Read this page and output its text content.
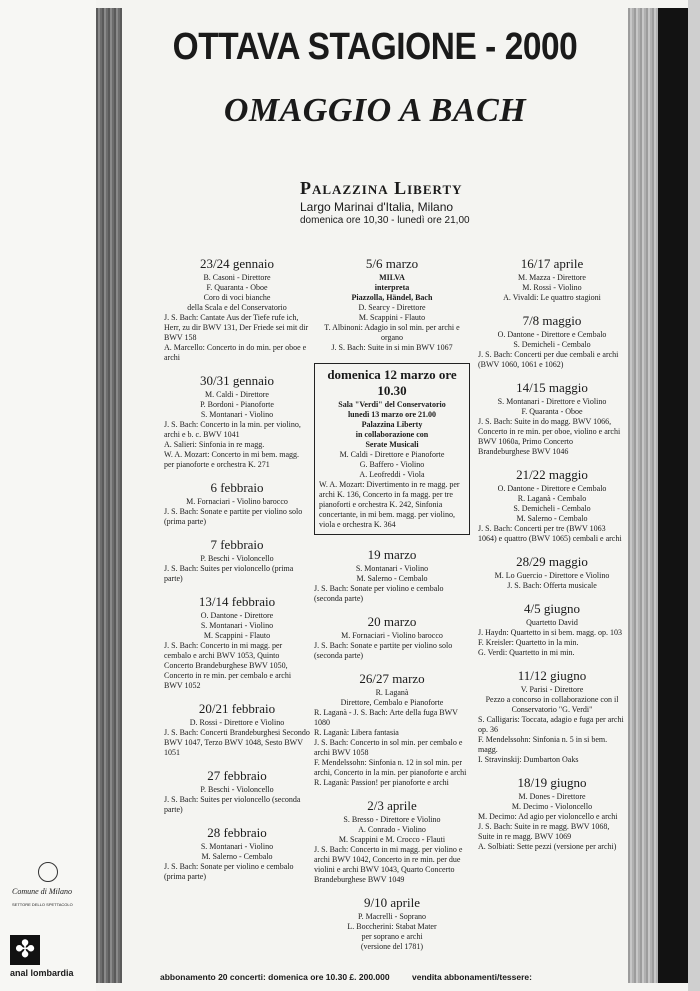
OTTAVA STAGIONE - 2000
OMAGGIO A BACH
Palazzina Liberty
Largo Marinai d'Italia, Milano
domenica ore 10,30 - lunedì ore 21,00
23/24 gennaio
B. Casoni - Direttore
F. Quaranta - Oboe
Coro di voci bianche
della Scala e del Conservatorio
J. S. Bach: Cantate Aus der Tiefe rufe ich, Herr, zu dir BWV 131, Der Friede sei mit dir BWV 158
A. Marcello: Concerto in do min. per oboe e archi
30/31 gennaio
M. Caldi - Direttore
P. Bordoni - Pianoforte
S. Montanari - Violino
J. S. Bach: Concerto in la min. per violino, archi e b. c. BWV 1041
A. Salieri: Sinfonia in re magg.
W. A. Mozart: Concerto in mi bem. magg. per pianoforte e orchestra K. 271
6 febbraio
M. Fornaciari - Violino barocco
J. S. Bach: Sonate e partite per violino solo (prima parte)
7 febbraio
P. Beschi - Violoncello
J. S. Bach: Suites per violoncello (prima parte)
13/14 febbraio
O. Dantone - Direttore
S. Montanari - Violino
M. Scappini - Flauto
J. S. Bach: Concerto in mi magg. per cembalo e archi BWV 1053, Quinto Concerto Brandeburghese BWV 1050, Concerto in re min. per cembalo e archi BWV 1052
20/21 febbraio
D. Rossi - Direttore e Violino
J. S. Bach: Concerti Brandeburghesi Secondo BWV 1047, Terzo BWV 1048, Sesto BWV 1051
27 febbraio
P. Beschi - Violoncello
J. S. Bach: Suites per violoncello (seconda parte)
28 febbraio
S. Montanari - Violino
M. Salerno - Cembalo
J. S. Bach: Sonate per violino e cembalo (prima parte)
5/6 marzo
MILVA
interpreta
Piazzolla, Händel, Bach
D. Searcy - Direttore
M. Scappini - Flauto
T. Albinoni: Adagio in sol min. per archi e organo
J. S. Bach: Suite in si min BWV 1067
domenica 12 marzo ore 10.30
Sala "Verdi" del Conservatorio
lunedì 13 marzo ore 21.00
Palazzina Liberty
in collaborazione con
Serate Musicali
M. Caldi - Direttore e Pianoforte
G. Baffero - Violino
A. Leofreddi - Viola
W. A. Mozart: Divertimento in re magg. per archi K. 136, Concerto in fa magg. per tre pianoforti e orchestra K. 242, Sinfonia concertante, in mi bem. magg. per violino, viola e orchestra K. 364
19 marzo
S. Montanari - Violino
M. Salerno - Cembalo
J. S. Bach: Sonate per violino e cembalo (seconda parte)
20 marzo
M. Fornaciari - Violino barocco
J. S. Bach: Sonate e partite per violino solo (seconda parte)
26/27 marzo
R. Laganà
Direttore, Cembalo e Pianoforte
R. Laganà - J. S. Bach: Arte della fuga BWV 1080
R. Laganà: Libera fantasia
J. S. Bach: Concerto in sol min. per cembalo e archi BWV 1058
F. Mendelssohn: Sinfonia n. 12 in sol min. per archi, Concerto in la min. per pianoforte e archi
R. Laganà: Passion! per pianoforte e archi
2/3 aprile
S. Bresso - Direttore e Violino
A. Conrado - Violino
M. Scappini e M. Crocco - Flauti
J. S. Bach: Concerto in mi magg. per violino e archi BWV 1042, Concerto in re min. per due violini e archi BWV 1043, Quarto Concerto Brandeburghese BWV 1049
9/10 aprile
P. Macrelli - Soprano
L. Boccherini: Stabat Mater
per soprano e archi
(versione del 1781)
16/17 aprile
M. Mazza - Direttore
M. Rossi - Violino
A. Vivaldi: Le quattro stagioni
7/8 maggio
O. Dantone - Direttore e Cembalo
S. Demicheli - Cembalo
J. S. Bach: Concerti per due cembali e archi (BWV 1060, 1061 e 1062)
14/15 maggio
S. Montanari - Direttore e Violino
F. Quaranta - Oboe
J. S. Bach: Suite in do magg. BWV 1066, Concerto in re min. per oboe, violino e archi BWV 1060a, Primo Concerto Brandeburghese BWV 1046
21/22 maggio
O. Dantone - Direttore e Cembalo
R. Laganà - Cembalo
S. Demicheli - Cembalo
M. Salerno - Cembalo
J. S. Bach: Concerti per tre (BWV 1063 1064) e quattro (BWV 1065) cembali e archi
28/29 maggio
M. Lo Guercio - Direttore e Violino
J. S. Bach: Offerta musicale
4/5 giugno
Quartetto David
J. Haydn: Quartetto in si bem. magg. op. 103
F. Kreisler: Quartetto in la min.
G. Verdi: Quartetto in mi min.
11/12 giugno
V. Parisi - Direttore
Pezzo a concorso in collaborazione con il Conservatorio "G. Verdi"
S. Calligaris: Toccata, adagio e fuga per archi op. 36
F. Mendelssohn: Sinfonia n. 5 in si bem. magg.
I. Stravinskij: Dumbarton Oaks
18/19 giugno
M. Dones - Direttore
M. Decimo - Violoncello
M. Decimo: Ad agio per violoncello e archi
J. S. Bach: Suite in re magg. BWV 1068, Suite in re magg. BWV 1069
A. Solbiati: Sette pezzi (versione per archi)
Comune di Milano
SETTORE DELLO SPETTACOLO
✤
anal lombardia	abbonamento 20 concerti: domenica ore 10.30 £. 200.000	vendita abbonamenti/tessere:
